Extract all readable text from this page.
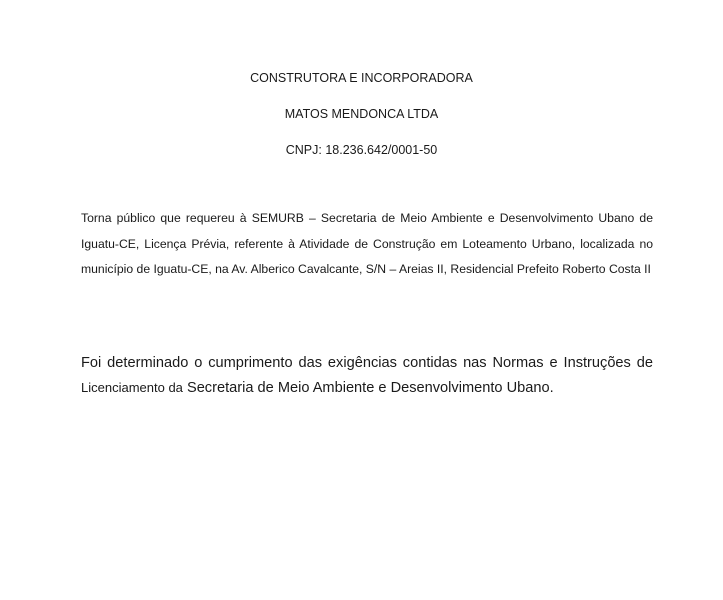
CONSTRUTORA E INCORPORADORA
MATOS MENDONCA LTDA
CNPJ: 18.236.642/0001-50

Torna público que requereu à SEMURB – Secretaria de Meio Ambiente e Desenvolvimento Ubano de Iguatu-CE, Licença Prévia, referente à Atividade de Construção em Loteamento Urbano, localizada no município de Iguatu-CE, na Av. Alberico Cavalcante, S/N – Areias II, Residencial Prefeito Roberto Costa II

Foi determinado o cumprimento das exigências contidas nas Normas e Instruções de Licenciamento da Secretaria de Meio Ambiente e Desenvolvimento Ubano.
